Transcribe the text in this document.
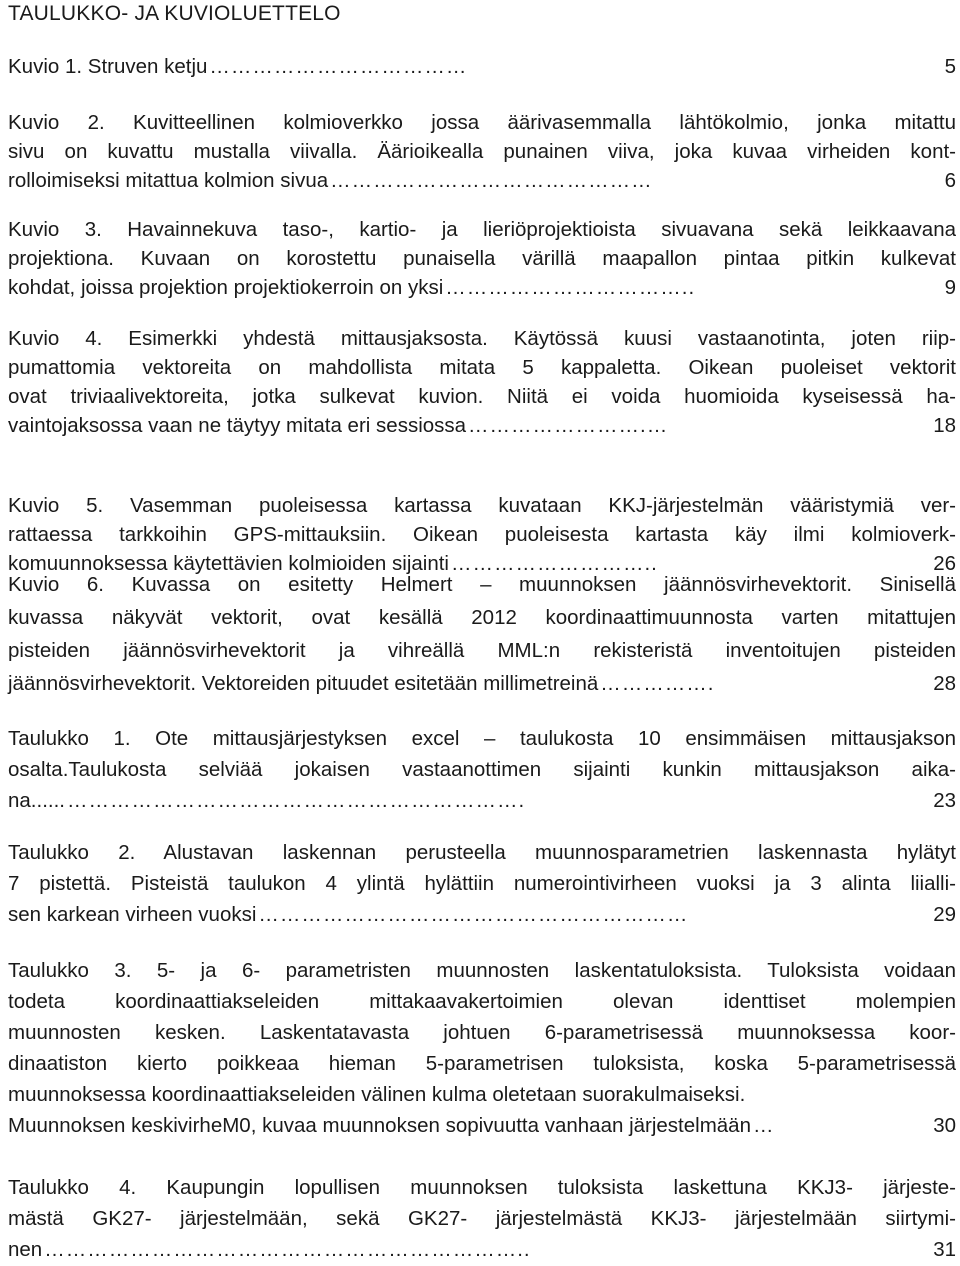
TAULUKKO- JA KUVIOLUETTELO
Kuvio 1. Struven ketju ………………………………	5
Kuvio 2. Kuvitteellinen kolmioverkko jossa äärivasemmalla lähtökolmio, jonka mitattu
sivu on kuvattu mustalla viivalla. Äärioikealla punainen viiva, joka kuvaa virheiden kont-
rolloimiseksi mitattua kolmion sivua ………………………………………	6
Kuvio 3. Havainnekuva taso-, kartio- ja lieriöprojektioista sivuavana sekä leikkaavana
projektiona. Kuvaan on korostettu punaisella värillä maapallon pintaa pitkin kulkevat
kohdat, joissa projektion projektiokerroin on yksi ……………………………..	9
Kuvio 4. Esimerkki yhdestä mittausjaksosta. Käytössä kuusi vastaanotinta, joten riip-
pumattomia vektoreita on mahdollista mitata 5 kappaletta. Oikean puoleiset vektorit
ovat triviaalivektoreita, jotka sulkevat kuvion. Niitä ei voida huomioida kyseisessä ha-
vaintojaksossa vaan ne täytyy mitata eri sessiossa …………………….…	18
Kuvio 5. Vasemman puoleisessa kartassa kuvataan KKJ-järjestelmän vääristymiä ver-
rattaessa tarkkoihin GPS-mittauksiin. Oikean puoleisesta kartasta käy ilmi kolmioverk-
komuunnoksessa käytettävien kolmioiden sijainti ………………………..	26
Kuvio 6. Kuvassa on esitetty Helmert – muunnoksen jäännösvirhevektorit. Sinisellä
kuvassa näkyvät vektorit, ovat kesällä 2012 koordinaattimuunnosta varten mitattujen
pisteiden jäännösvirhevektorit ja vihreällä MML:n rekisteristä inventoitujen pisteiden
jäännösvirhevektorit. Vektoreiden pituudet esitetään millimetreinä …………….	28
Taulukko 1. Ote mittausjärjestyksen excel – taulukosta 10 ensimmäisen mittausjakson
osalta.Taulukosta selviää jokaisen vastaanottimen sijainti kunkin mittausjakson aika-
na...... ……………………………………………………….	23
Taulukko 2. Alustavan laskennan perusteella muunnosparametrien laskennasta hylätyt
7 pistettä. Pisteistä taulukon 4 ylintä hylättiin numerointivirheen vuoksi ja 3 alinta liialli-
sen karkean virheen vuoksi ……………………………………………………	29
Taulukko 3. 5- ja 6- parametristen muunnosten laskentatuloksista. Tuloksista voidaan
todeta koordinaattiakseleiden mittakaavakertoimien olevan identtiset molempien
muunnosten kesken. Laskentatavasta johtuen 6-parametrisessä muunnoksessa koor-
dinaatiston kierto poikkeaa hieman 5-parametrisen tuloksista, koska 5-parametrisessä
muunnoksessa koordinaattiakseleiden välinen kulma oletetaan suorakulmaiseksi.
Muunnoksen keskivirheM0, kuvaa muunnoksen sopivuutta vanhaan järjestelmään …	30
Taulukko 4. Kaupungin lopullisen muunnoksen tuloksista laskettuna KKJ3- järjeste-
mästä GK27- järjestelmään, sekä GK27- järjestelmästä KKJ3- järjestelmään siirtymi-
nen …………………………………………………………..	31
